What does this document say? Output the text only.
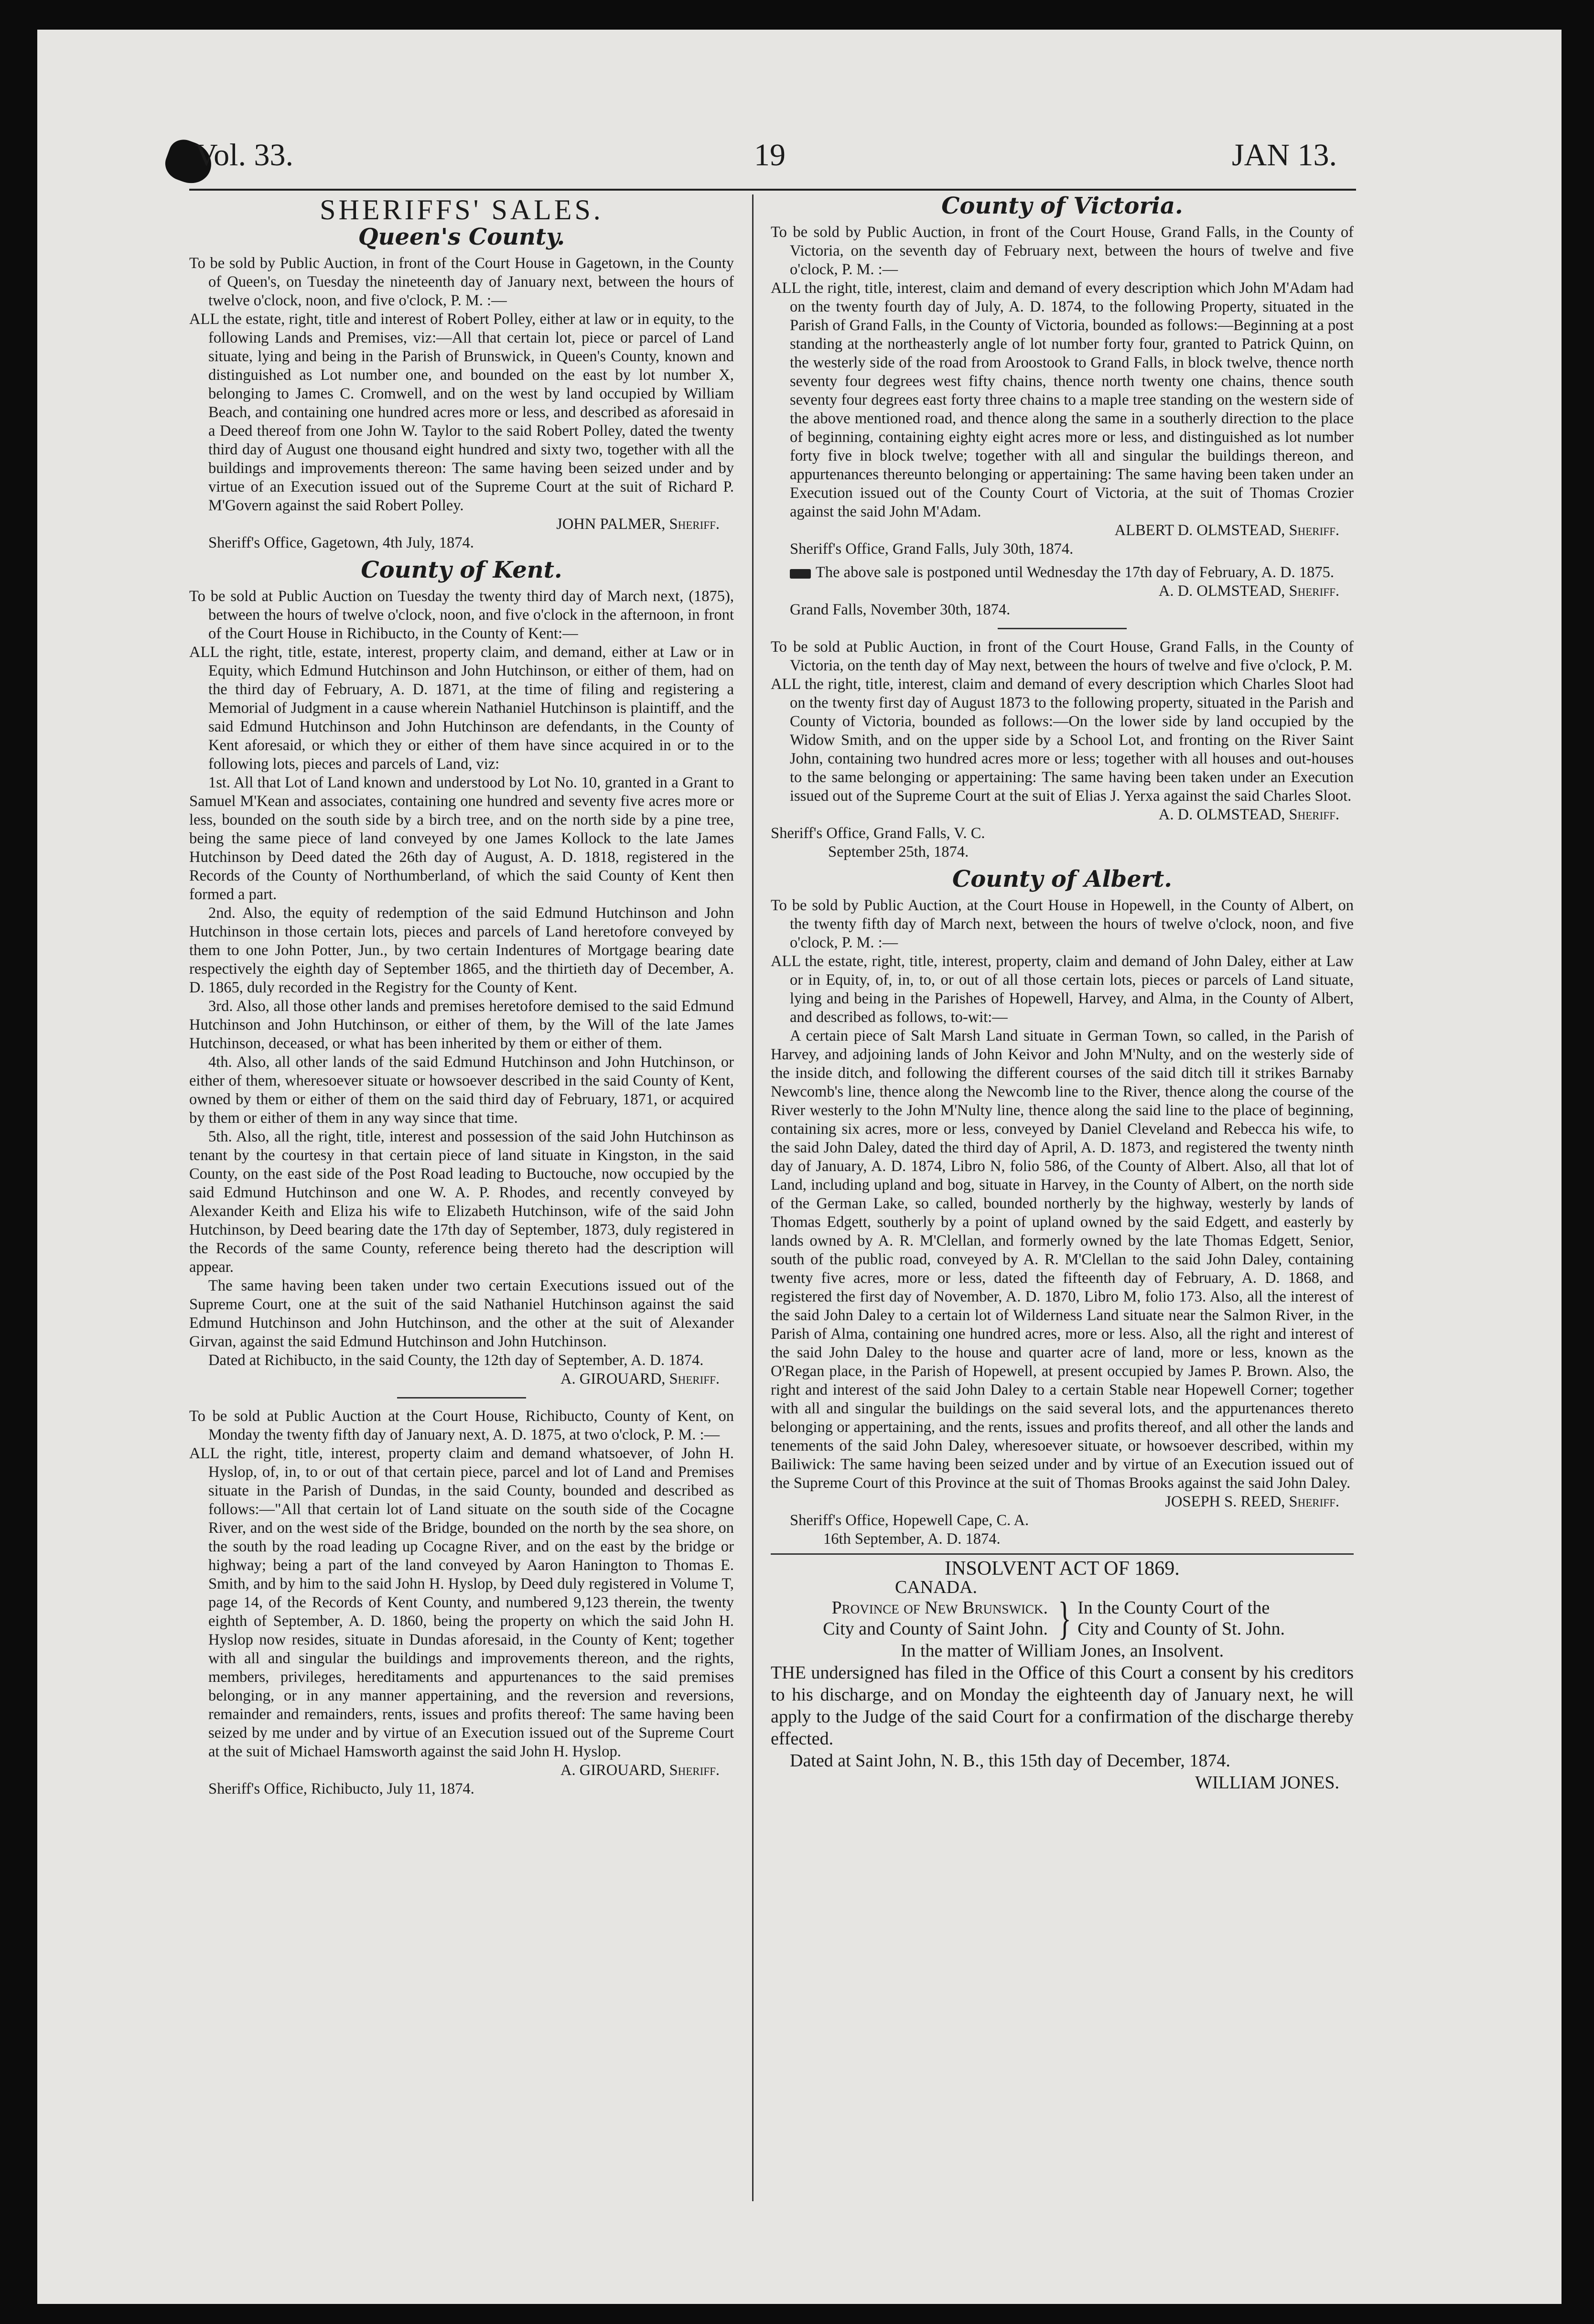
Vol. 33.	19	JAN 13.
SHERIFFS' SALES.
Queen's County.

To be sold by Public Auction, in front of the Court House in Gagetown, in the County of Queen's, on Tuesday the nineteenth day of January next, between the hours of twelve o'clock, noon, and five o'clock, P. M. :—

ALL the estate, right, title and interest of Robert Polley, either at law or in equity, to the following Lands and Premises, viz:—All that certain lot, piece or parcel of Land situate, lying and being in the Parish of Brunswick, in Queen's County, known and distinguished as Lot number one, and bounded on the east by lot number X, belonging to James C. Cromwell, and on the west by land occupied by William Beach, and containing one hundred acres more or less, and described as aforesaid in a Deed thereof from one John W. Taylor to the said Robert Polley, dated the twenty third day of August one thousand eight hundred and sixty two, together with all the buildings and improvements thereon: The same having been seized under and by virtue of an Execution issued out of the Supreme Court at the suit of Richard P. M'Govern against the said Robert Polley.

JOHN PALMER, Sheriff.

Sheriff's Office, Gagetown, 4th July, 1874.

County of Kent.

To be sold at Public Auction on Tuesday the twenty third day of March next, (1875), between the hours of twelve o'clock, noon, and five o'clock in the afternoon, in front of the Court House in Richibucto, in the County of Kent:—

ALL the right, title, estate, interest, property claim, and demand, either at Law or in Equity, which Edmund Hutchinson and John Hutchinson, or either of them, had on the third day of February, A. D. 1871, at the time of filing and registering a Memorial of Judgment in a cause wherein Nathaniel Hutchinson is plaintiff, and the said Edmund Hutchinson and John Hutchinson are defendants, in the County of Kent aforesaid, or which they or either of them have since acquired in or to the following lots, pieces and parcels of Land, viz:

1st. All that Lot of Land known and understood by Lot No. 10, granted in a Grant to Samuel M'Kean and associates, containing one hundred and seventy five acres more or less, bounded on the south side by a birch tree, and on the north side by a pine tree, being the same piece of land conveyed by one James Kollock to the late James Hutchinson by Deed dated the 26th day of August, A. D. 1818, registered in the Records of the County of Northumberland, of which the said County of Kent then formed a part.

2nd. Also, the equity of redemption of the said Edmund Hutchinson and John Hutchinson in those certain lots, pieces and parcels of Land heretofore conveyed by them to one John Potter, Jun., by two certain Indentures of Mortgage bearing date respectively the eighth day of September 1865, and the thirtieth day of December, A. D. 1865, duly recorded in the Registry for the County of Kent.

3rd. Also, all those other lands and premises heretofore demised to the said Edmund Hutchinson and John Hutchinson, or either of them, by the Will of the late James Hutchinson, deceased, or what has been inherited by them or either of them.

4th. Also, all other lands of the said Edmund Hutchinson and John Hutchinson, or either of them, wheresoever situate or howsoever described in the said County of Kent, owned by them or either of them on the said third day of February, 1871, or acquired by them or either of them in any way since that time.

5th. Also, all the right, title, interest and possession of the said John Hutchinson as tenant by the courtesy in that certain piece of land situate in Kingston, in the said County, on the east side of the Post Road leading to Buctouche, now occupied by the said Edmund Hutchinson and one W. A. P. Rhodes, and recently conveyed by Alexander Keith and Eliza his wife to Elizabeth Hutchinson, wife of the said John Hutchinson, by Deed bearing date the 17th day of September, 1873, duly registered in the Records of the same County, reference being thereto had the description will appear.

The same having been taken under two certain Executions issued out of the Supreme Court, one at the suit of the said Nathaniel Hutchinson against the said Edmund Hutchinson and John Hutchinson, and the other at the suit of Alexander Girvan, against the said Edmund Hutchinson and John Hutchinson.

Dated at Richibucto, in the said County, the 12th day of September, A. D. 1874.

A. GIROUARD, Sheriff.

To be sold at Public Auction at the Court House, Richibucto, County of Kent, on Monday the twenty fifth day of January next, A. D. 1875, at two o'clock, P. M. :—

ALL the right, title, interest, property claim and demand whatsoever, of John H. Hyslop, of, in, to or out of that certain piece, parcel and lot of Land and Premises situate in the Parish of Dundas, in the said County, bounded and described as follows:—"All that certain lot of Land situate on the south side of the Cocagne River, and on the west side of the Bridge, bounded on the north by the sea shore, on the south by the road leading up Cocagne River, and on the east by the bridge or highway; being a part of the land conveyed by Aaron Hanington to Thomas E. Smith, and by him to the said John H. Hyslop, by Deed duly registered in Volume T, page 14, of the Records of Kent County, and numbered 9,123 therein, the twenty eighth of September, A. D. 1860, being the property on which the said John H. Hyslop now resides, situate in Dundas aforesaid, in the County of Kent; together with all and singular the buildings and improvements thereon, and the rights, members, privileges, hereditaments and appurtenances to the said premises belonging, or in any manner appertaining, and the reversion and reversions, remainder and remainders, rents, issues and profits thereof: The same having been seized by me under and by virtue of an Execution issued out of the Supreme Court at the suit of Michael Hamsworth against the said John H. Hyslop.

A. GIROUARD, Sheriff.

Sheriff's Office, Richibucto, July 11, 1874.

County of Victoria.

To be sold by Public Auction, in front of the Court House, Grand Falls, in the County of Victoria, on the seventh day of February next, between the hours of twelve and five o'clock, P. M. :—

ALL the right, title, interest, claim and demand of every description which John M'Adam had on the twenty fourth day of July, A. D. 1874, to the following Property, situated in the Parish of Grand Falls, in the County of Victoria, bounded as follows:—Beginning at a post standing at the northeasterly angle of lot number forty four, granted to Patrick Quinn, on the westerly side of the road from Aroostook to Grand Falls, in block twelve, thence north seventy four degrees west fifty chains, thence north twenty one chains, thence south seventy four degrees east forty three chains to a maple tree standing on the western side of the above mentioned road, and thence along the same in a southerly direction to the place of beginning, containing eighty eight acres more or less, and distinguished as lot number forty five in block twelve; together with all and singular the buildings thereon, and appurtenances thereunto belonging or appertaining: The same having been taken under an Execution issued out of the County Court of Victoria, at the suit of Thomas Crozier against the said John M'Adam.

ALBERT D. OLMSTEAD, Sheriff.

Sheriff's Office, Grand Falls, July 30th, 1874.

The above sale is postponed until Wednesday the 17th day of February, A. D. 1875.

A. D. OLMSTEAD, Sheriff.

Grand Falls, November 30th, 1874.

To be sold at Public Auction, in front of the Court House, Grand Falls, in the County of Victoria, on the tenth day of May next, between the hours of twelve and five o'clock, P. M.

ALL the right, title, interest, claim and demand of every description which Charles Sloot had on the twenty first day of August 1873 to the following property, situated in the Parish and County of Victoria, bounded as follows:—On the lower side by land occupied by the Widow Smith, and on the upper side by a School Lot, and fronting on the River Saint John, containing two hundred acres more or less; together with all houses and out-houses to the same belonging or appertaining: The same having been taken under an Execution issued out of the Supreme Court at the suit of Elias J. Yerxa against the said Charles Sloot.

A. D. OLMSTEAD, Sheriff.

Sheriff's Office, Grand Falls, V. C.

September 25th, 1874.

County of Albert.

To be sold by Public Auction, at the Court House in Hopewell, in the County of Albert, on the twenty fifth day of March next, between the hours of twelve o'clock, noon, and five o'clock, P. M. :—

ALL the estate, right, title, interest, property, claim and demand of John Daley, either at Law or in Equity, of, in, to, or out of all those certain lots, pieces or parcels of Land situate, lying and being in the Parishes of Hopewell, Harvey, and Alma, in the County of Albert, and described as follows, to-wit:—

A certain piece of Salt Marsh Land situate in German Town, so called, in the Parish of Harvey, and adjoining lands of John Keivor and John M'Nulty, and on the westerly side of the inside ditch, and following the different courses of the said ditch till it strikes Barnaby Newcomb's line, thence along the Newcomb line to the River, thence along the course of the River westerly to the John M'Nulty line, thence along the said line to the place of beginning, containing six acres, more or less, conveyed by Daniel Cleveland and Rebecca his wife, to the said John Daley, dated the third day of April, A. D. 1873, and registered the twenty ninth day of January, A. D. 1874, Libro N, folio 586, of the County of Albert. Also, all that lot of Land, including upland and bog, situate in Harvey, in the County of Albert, on the north side of the German Lake, so called, bounded northerly by the highway, westerly by lands of Thomas Edgett, southerly by a point of upland owned by the said Edgett, and easterly by lands owned by A. R. M'Clellan, and formerly owned by the late Thomas Edgett, Senior, south of the public road, conveyed by A. R. M'Clellan to the said John Daley, containing twenty five acres, more or less, dated the fifteenth day of February, A. D. 1868, and registered the first day of November, A. D. 1870, Libro M, folio 173. Also, all the interest of the said John Daley to a certain lot of Wilderness Land situate near the Salmon River, in the Parish of Alma, containing one hundred acres, more or less. Also, all the right and interest of the said John Daley to the house and quarter acre of land, more or less, known as the O'Regan place, in the Parish of Hopewell, at present occupied by James P. Brown. Also, the right and interest of the said John Daley to a certain Stable near Hopewell Corner; together with all and singular the buildings on the said several lots, and the appurtenances thereto belonging or appertaining, and the rents, issues and profits thereof, and all other the lands and tenements of the said John Daley, wheresoever situate, or howsoever described, within my Bailiwick: The same having been seized under and by virtue of an Execution issued out of the Supreme Court of this Province at the suit of Thomas Brooks against the said John Daley.

JOSEPH S. REED, Sheriff.

Sheriff's Office, Hopewell Cape, C. A.

16th September, A. D. 1874.

INSOLVENT ACT OF 1869.
CANADA.
Province of New Brunswick.
City and County of Saint John. } In the County Court of the
City and County of St. John.

In the matter of William Jones, an Insolvent.

THE undersigned has filed in the Office of this Court a consent by his creditors to his discharge, and on Monday the eighteenth day of January next, he will apply to the Judge of the said Court for a confirmation of the discharge thereby effected.

Dated at Saint John, N. B., this 15th day of December, 1874.

WILLIAM JONES.
